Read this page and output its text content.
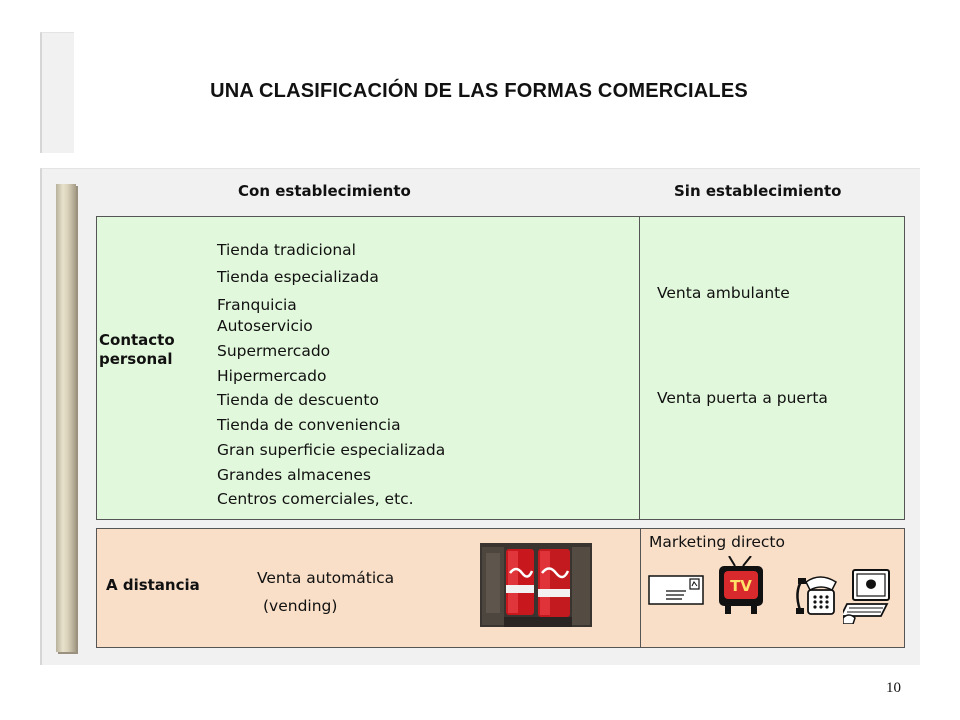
UNA CLASIFICACIÓN DE LAS FORMAS COMERCIALES
Con establecimiento	Sin establecimiento
Contacto
personal
Tienda tradicional
Tienda especializada
Franquicia
Autoservicio
Supermercado
Hipermercado
Tienda de descuento
Tienda de conveniencia
Gran superficie especializada
Grandes almacenes
Centros comerciales, etc.
Venta ambulante
Venta puerta a puerta
A distancia	Venta automática
(vending)
Marketing directo
TV
10
